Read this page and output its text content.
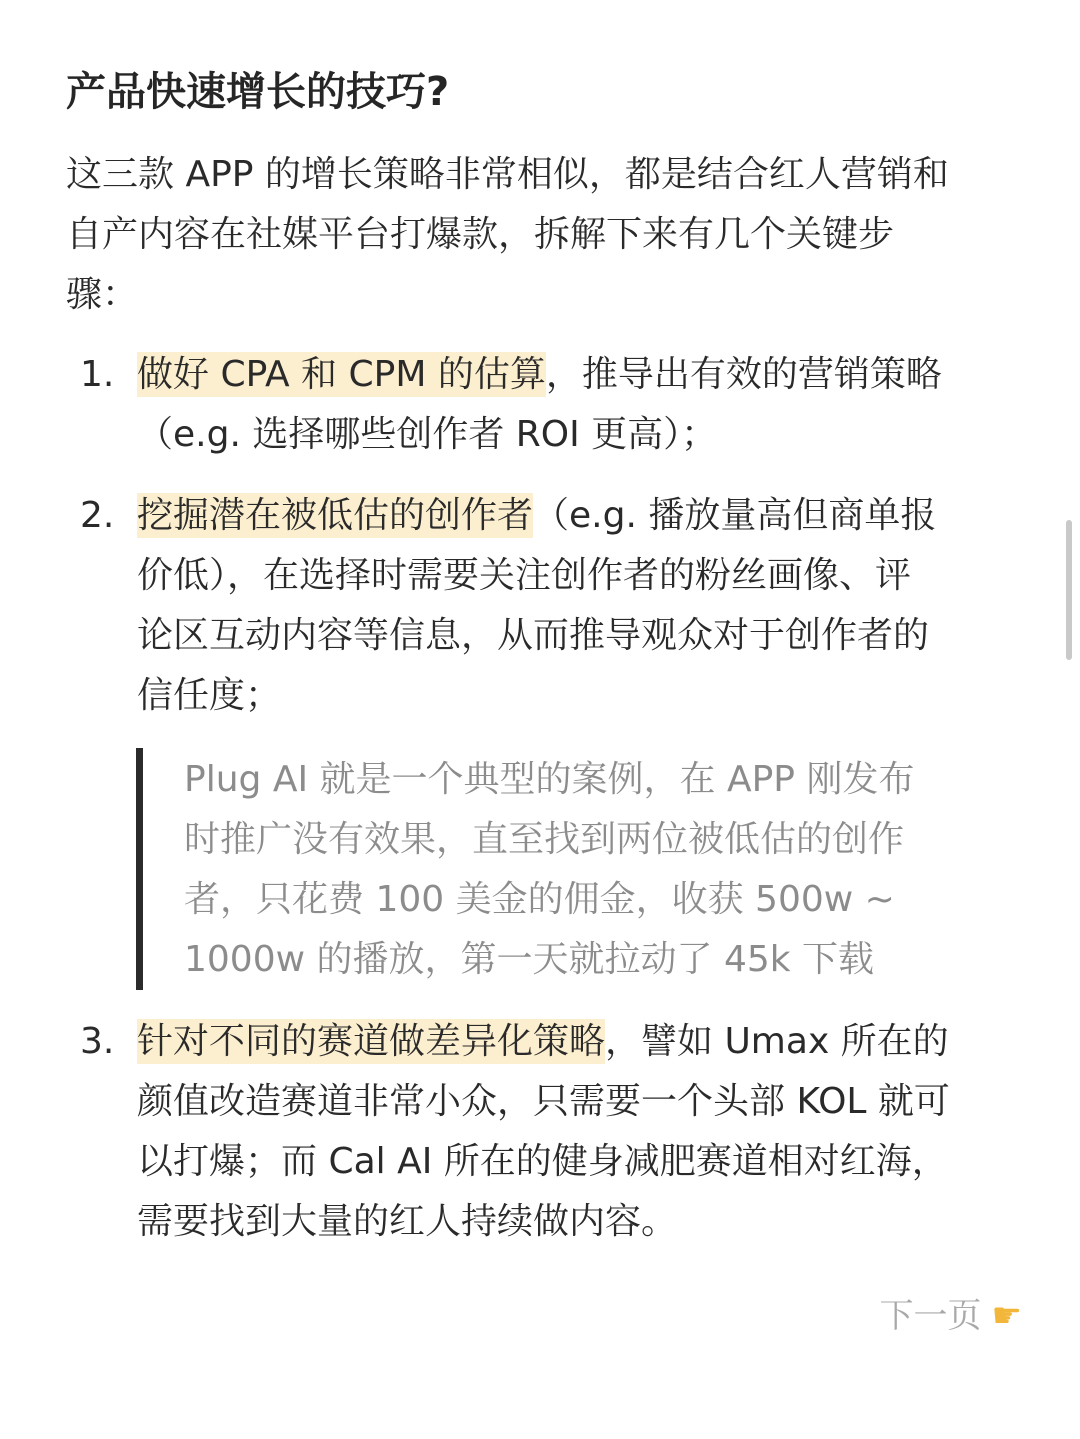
产品快速增长的技巧?

这三款 APP 的增长策略非常相似，都是结合红人营销和
自产内容在社媒平台打爆款，拆解下来有几个关键步
骤：

1. 做好 CPA 和 CPM 的估算，推导出有效的营销策略
（e.g. 选择哪些创作者 ROI 更高）；
2. 挖掘潜在被低估的创作者（e.g. 播放量高但商单报
价低），在选择时需要关注创作者的粉丝画像、评
论区互动内容等信息，从而推导观众对于创作者的
信任度；
Plug AI 就是一个典型的案例，在 APP 刚发布
时推广没有效果，直至找到两位被低估的创作
者，只花费 100 美金的佣金，收获 500w ~
1000w 的播放，第一天就拉动了 45k 下载
3. 针对不同的赛道做差异化策略，譬如 Umax 所在的
颜值改造赛道非常小众，只需要一个头部 KOL 就可
以打爆；而 Cal AI 所在的健身减肥赛道相对红海，
需要找到大量的红人持续做内容。
下一页 ☛
